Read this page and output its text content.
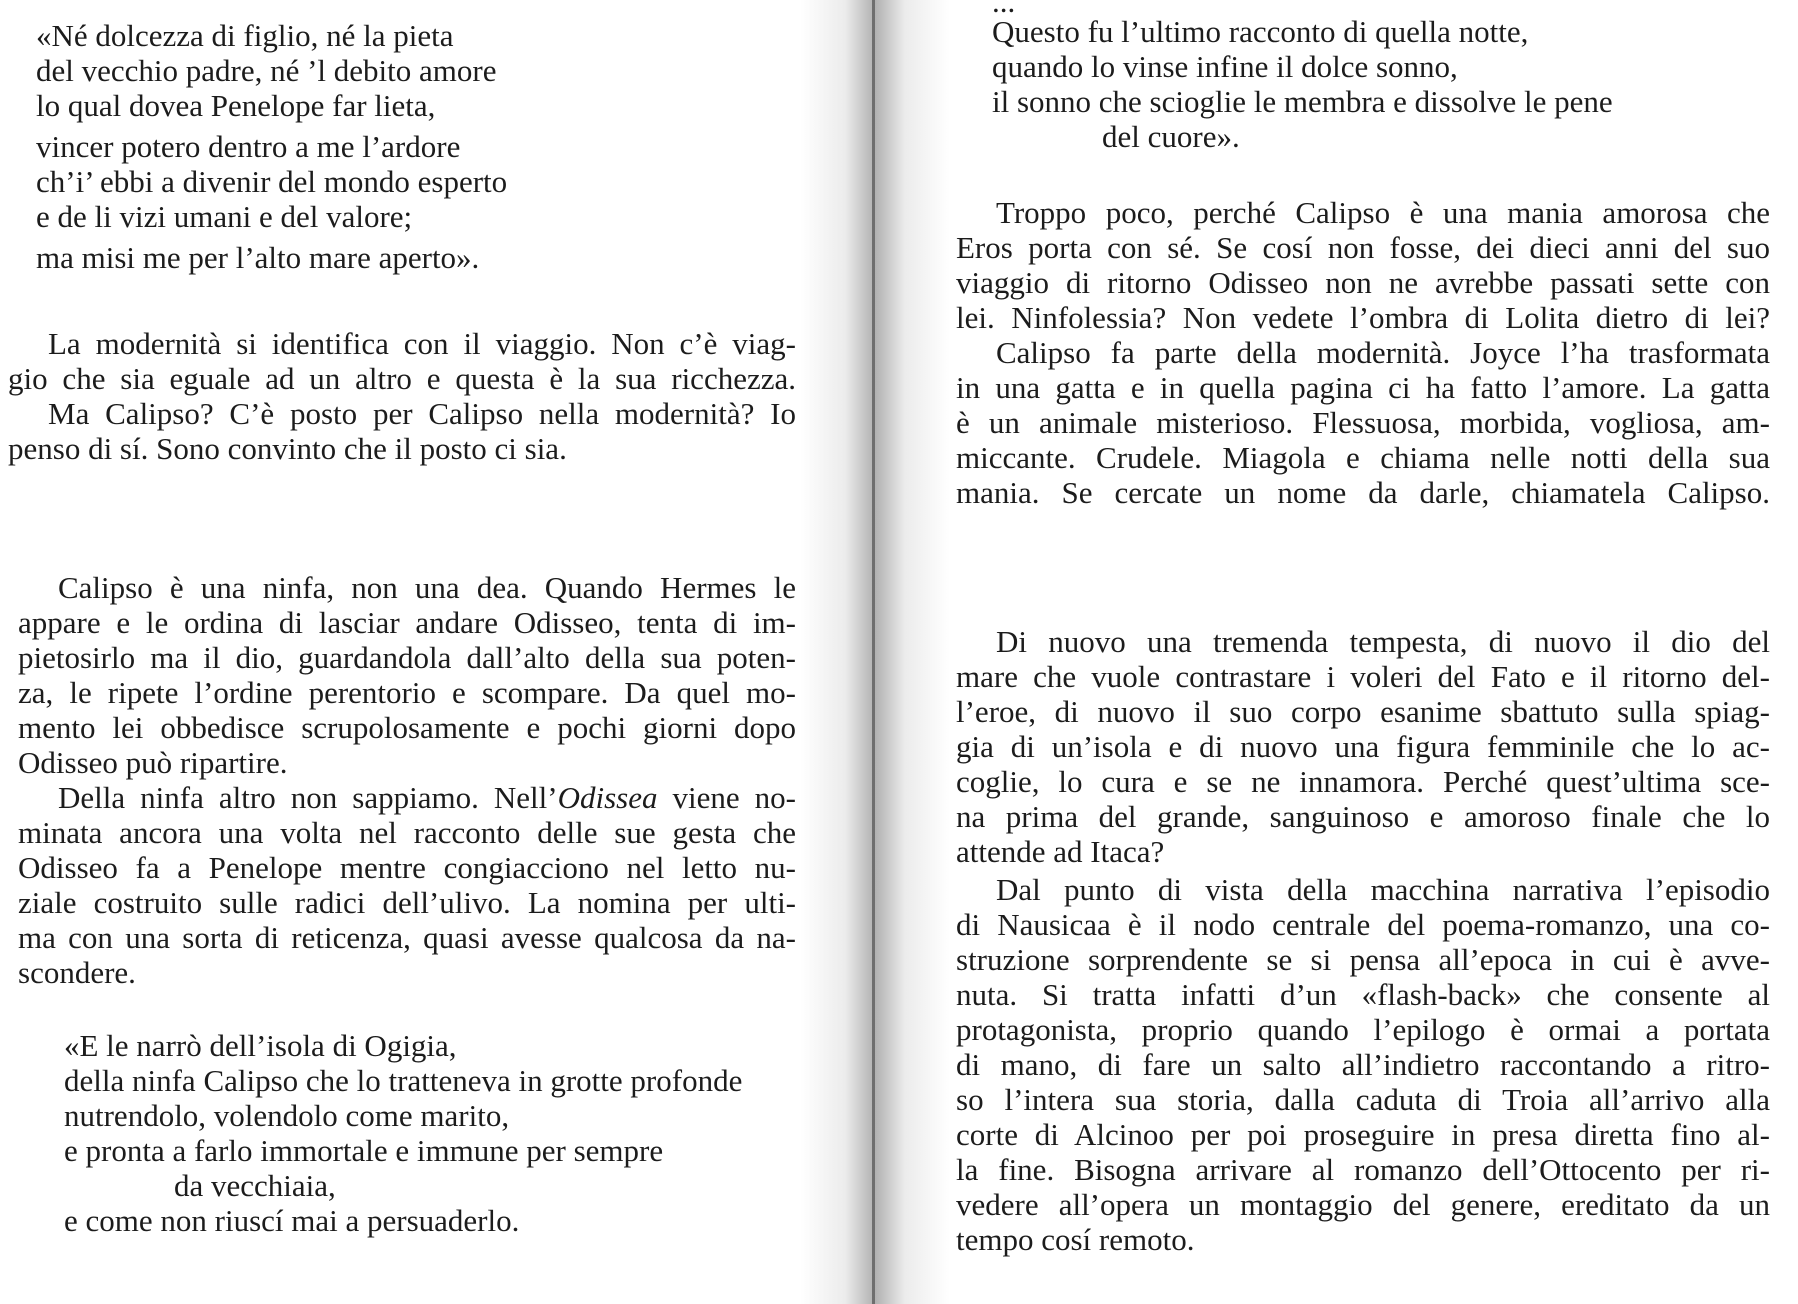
«Né dolcezza di figlio, né la pieta
del vecchio padre, né ’l debito amore
lo qual dovea Penelope far lieta,
vincer potero dentro a me l’ardore
ch’i’ ebbi a divenir del mondo esperto
e de li vizi umani e del valore;
ma misi me per l’alto mare aperto».
La modernità si identifica con il viaggio. Non c’è viag-
gio che sia eguale ad un altro e questa è la sua ricchezza.
Ma Calipso? C’è posto per Calipso nella modernità? Io
penso di sí. Sono convinto che il posto ci sia.
Calipso è una ninfa, non una dea. Quando Hermes le
appare e le ordina di lasciar andare Odisseo, tenta di im-
pietosirlo ma il dio, guardandola dall’alto della sua poten-
za, le ripete l’ordine perentorio e scompare. Da quel mo-
mento lei obbedisce scrupolosamente e pochi giorni dopo
Odisseo può ripartire.
Della ninfa altro non sappiamo. Nell’Odissea viene no-
minata ancora una volta nel racconto delle sue gesta che
Odisseo fa a Penelope mentre congiacciono nel letto nu-
ziale costruito sulle radici dell’ulivo. La nomina per ulti-
ma con una sorta di reticenza, quasi avesse qualcosa da na-
scondere.
«E le narrò dell’isola di Ogigia,
della ninfa Calipso che lo tratteneva in grotte profonde
nutrendolo, volendolo come marito,
e pronta a farlo immortale e immune per sempre
da vecchiaia,
e come non riuscí mai a persuaderlo.
...
Questo fu l’ultimo racconto di quella notte,
quando lo vinse infine il dolce sonno,
il sonno che scioglie le membra e dissolve le pene
del cuore».
Troppo poco, perché Calipso è una mania amorosa che
Eros porta con sé. Se cosí non fosse, dei dieci anni del suo
viaggio di ritorno Odisseo non ne avrebbe passati sette con
lei. Ninfolessia? Non vedete l’ombra di Lolita dietro di lei?
Calipso fa parte della modernità. Joyce l’ha trasformata
in una gatta e in quella pagina ci ha fatto l’amore. La gatta
è un animale misterioso. Flessuosa, morbida, vogliosa, am-
miccante. Crudele. Miagola e chiama nelle notti della sua
mania. Se cercate un nome da darle, chiamatela Calipso.
Di nuovo una tremenda tempesta, di nuovo il dio del
mare che vuole contrastare i voleri del Fato e il ritorno del-
l’eroe, di nuovo il suo corpo esanime sbattuto sulla spiag-
gia di un’isola e di nuovo una figura femminile che lo ac-
coglie, lo cura e se ne innamora. Perché quest’ultima sce-
na prima del grande, sanguinoso e amoroso finale che lo
attende ad Itaca?
Dal punto di vista della macchina narrativa l’episodio
di Nausicaa è il nodo centrale del poema-romanzo, una co-
struzione sorprendente se si pensa all’epoca in cui è avve-
nuta. Si tratta infatti d’un «flash-back» che consente al
protagonista, proprio quando l’epilogo è ormai a portata
di mano, di fare un salto all’indietro raccontando a ritro-
so l’intera sua storia, dalla caduta di Troia all’arrivo alla
corte di Alcinoo per poi proseguire in presa diretta fino al-
la fine. Bisogna arrivare al romanzo dell’Ottocento per ri-
vedere all’opera un montaggio del genere, ereditato da un
tempo cosí remoto.
